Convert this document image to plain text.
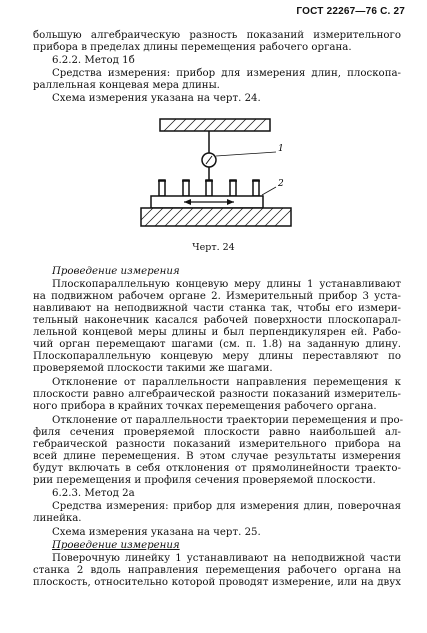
ГОСТ 22267—76 С. 27
большую алгебраическую разность показаний измерительного
прибора в пределах длины перемещения рабочего органа.
6.2.2. Метод 1б
Средства измерения: прибор для измерения длин, плоскопа-
раллельная концевая мера длины.
Схема измерения указана на черт. 24.
1
2
Черт. 24
Проведение измерения
Плоскопараллельную концевую меру длины 1 устанавливают
на подвижном рабочем органе 2. Измерительный прибор 3 уста-
навливают на неподвижной части станка так, чтобы его измери-
тельный наконечник касался рабочей поверхности плоскопарал-
лельной концевой меры длины и был перпендикулярен ей. Рабо-
чий орган перемещают шагами (см. п. 1.8) на заданную длину.
Плоскопараллельную концевую меру длины переставляют по
проверяемой плоскости такими же шагами.
Отклонение от параллельности направления перемещения к
плоскости равно алгебраической разности показаний измеритель-
ного прибора в крайних точках перемещения рабочего органа.
Отклонение от параллельности траектории перемещения и про-
филя сечения проверяемой плоскости равно наибольшей ал-
гебраической разности показаний измерительного прибора на
всей длине перемещения. В этом случае результаты измерения
будут включать в себя отклонения от прямолинейности траекто-
рии перемещения и профиля сечения проверяемой плоскости.
6.2.3. Метод 2а
Средства измерения: прибор для измерения длин, поверочная
линейка.
Схема измерения указана на черт. 25.
Проведение измерения
Поверочную линейку 1 устанавливают на неподвижной части
станка 2 вдоль направления перемещения рабочего органа на
плоскость, относительно которой проводят измерение, или на двух
